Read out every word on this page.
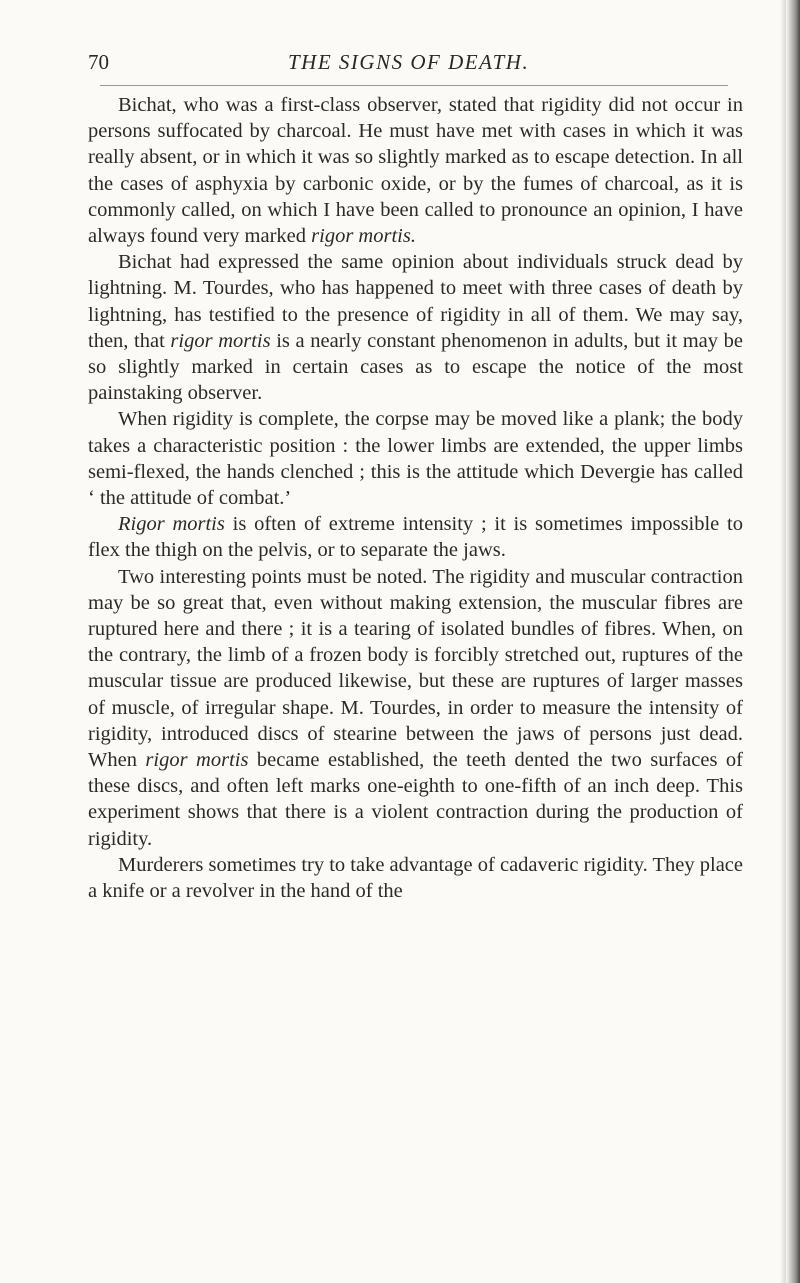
70	THE SIGNS OF DEATH.

Bichat, who was a first-class observer, stated that rigidity did not occur in persons suffocated by charcoal. He must have met with cases in which it was really absent, or in which it was so slightly marked as to escape detection. In all the cases of asphyxia by carbonic oxide, or by the fumes of charcoal, as it is commonly called, on which I have been called to pronounce an opinion, I have always found very marked rigor mortis.

Bichat had expressed the same opinion about individuals struck dead by lightning. M. Tourdes, who has happened to meet with three cases of death by lightning, has testified to the presence of rigidity in all of them. We may say, then, that rigor mortis is a nearly constant phenomenon in adults, but it may be so slightly marked in certain cases as to escape the notice of the most painstaking observer.

When rigidity is complete, the corpse may be moved like a plank; the body takes a characteristic position : the lower limbs are extended, the upper limbs semi-flexed, the hands clenched ; this is the attitude which Devergie has called ‘ the attitude of combat.’

Rigor mortis is often of extreme intensity ; it is sometimes impossible to flex the thigh on the pelvis, or to separate the jaws.

Two interesting points must be noted. The rigidity and muscular contraction may be so great that, even without making extension, the muscular fibres are ruptured here and there ; it is a tearing of isolated bundles of fibres. When, on the contrary, the limb of a frozen body is forcibly stretched out, ruptures of the muscular tissue are produced likewise, but these are ruptures of larger masses of muscle, of irregular shape. M. Tourdes, in order to measure the intensity of rigidity, introduced discs of stearine between the jaws of persons just dead. When rigor mortis became established, the teeth dented the two surfaces of these discs, and often left marks one-eighth to one-fifth of an inch deep. This experiment shows that there is a violent contraction during the production of rigidity.

Murderers sometimes try to take advantage of cadaveric rigidity. They place a knife or a revolver in the hand of the
